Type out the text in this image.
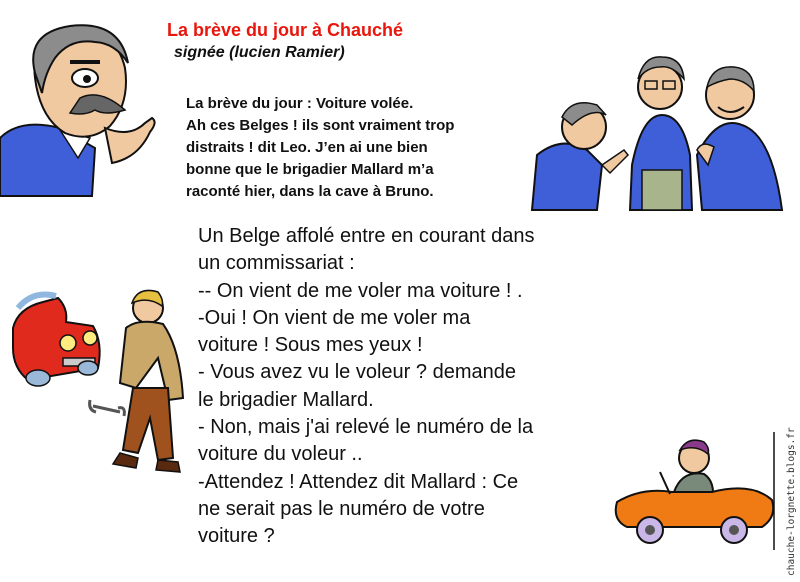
La brève du jour à Chauché
signée (lucien Ramier)
La brève du jour : Voiture volée.
Ah ces Belges ! ils sont vraiment trop
distraits ! dit Leo. J’en ai une bien
bonne que le brigadier Mallard m’a
raconté hier, dans la cave à Bruno.
Un Belge affolé entre en courant dans
un commissariat :
-- On vient de me voler ma voiture ! .
-Oui ! On vient de me voler ma
voiture ! Sous mes yeux !
- Vous avez vu le voleur ? demande
le brigadier Mallard.
- Non, mais j'ai relevé le numéro de la
voiture du voleur ..
-Attendez ! Attendez dit Mallard : Ce
ne serait pas le numéro de votre
voiture ?	chauche-lorgnette.blogs.fr
